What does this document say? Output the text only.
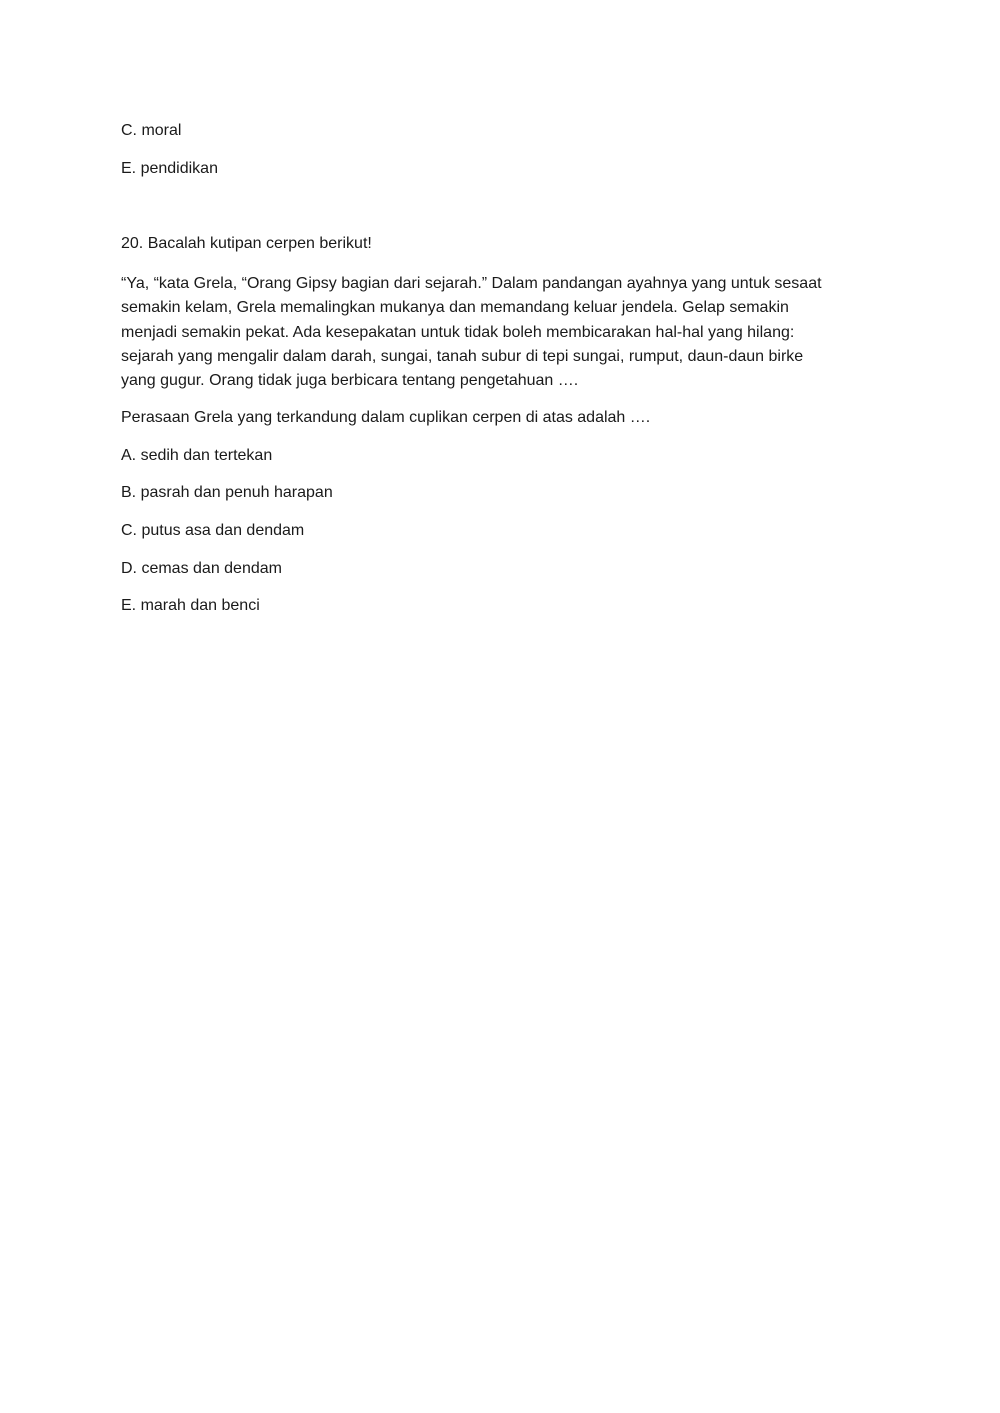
C. moral
E. pendidikan
20. Bacalah kutipan cerpen berikut!
“Ya, “kata Grela, “Orang Gipsy bagian dari sejarah.” Dalam pandangan ayahnya yang untuk sesaat
semakin kelam, Grela memalingkan mukanya dan memandang keluar jendela. Gelap semakin
menjadi semakin pekat. Ada kesepakatan untuk tidak boleh membicarakan hal-hal yang hilang:
sejarah yang mengalir dalam darah, sungai, tanah subur di tepi sungai, rumput, daun-daun birke
yang gugur. Orang tidak juga berbicara tentang pengetahuan ….
Perasaan Grela yang terkandung dalam cuplikan cerpen di atas adalah ….
A. sedih dan tertekan
B. pasrah dan penuh harapan
C. putus asa dan dendam
D. cemas dan dendam
E. marah dan benci
